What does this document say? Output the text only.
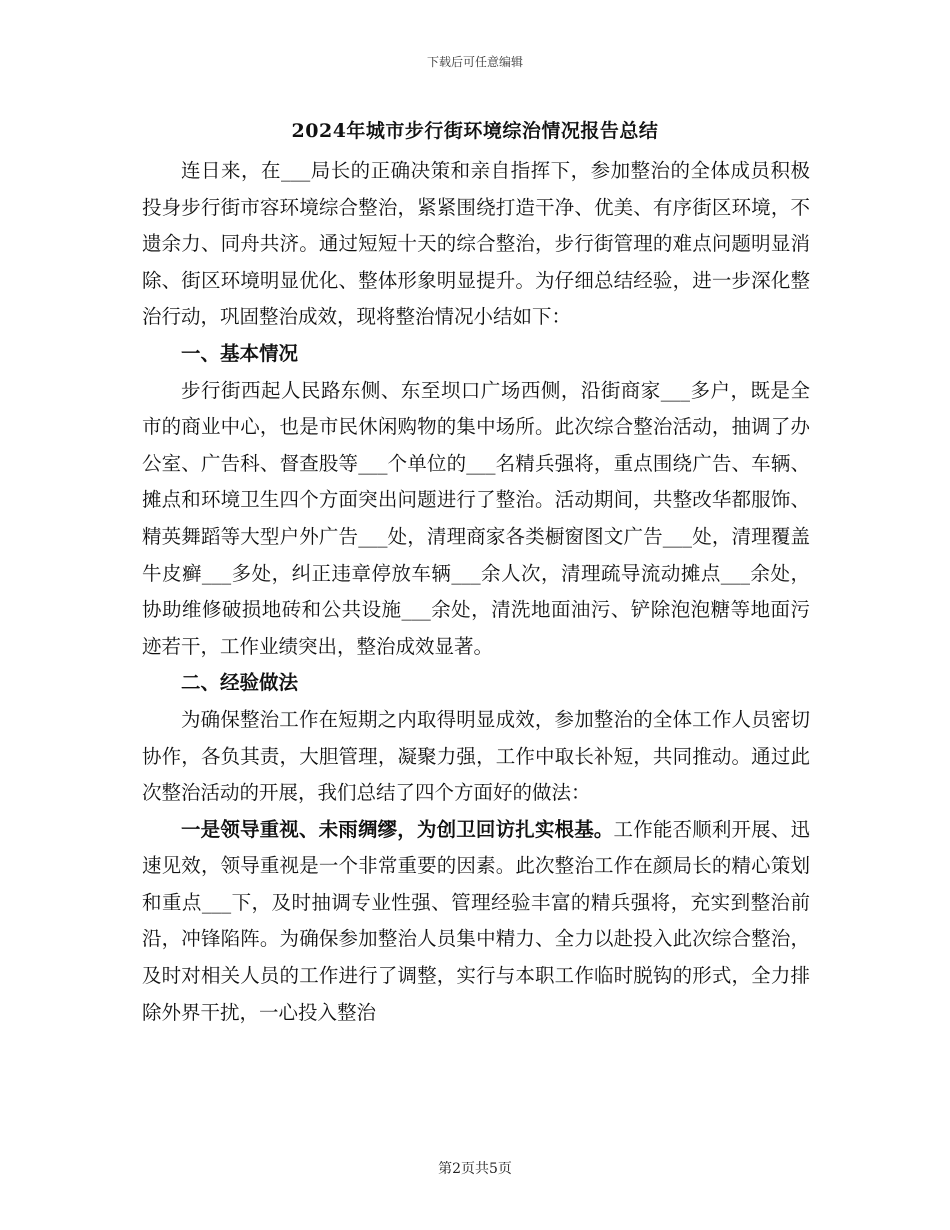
下载后可任意编辑
2024年城市步行街环境综治情况报告总结

连日来，在___局长的正确决策和亲自指挥下，参加整治的全体成员积极投身步行街市容环境综合整治，紧紧围绕打造干净、优美、有序街区环境，不遗余力、同舟共济。通过短短十天的综合整治，步行街管理的难点问题明显消除、街区环境明显优化、整体形象明显提升。为仔细总结经验，进一步深化整治行动，巩固整治成效，现将整治情况小结如下：

一、基本情况

步行街西起人民路东侧、东至坝口广场西侧，沿街商家___多户，既是全市的商业中心，也是市民休闲购物的集中场所。此次综合整治活动，抽调了办公室、广告科、督查股等___个单位的___名精兵强将，重点围绕广告、车辆、摊点和环境卫生四个方面突出问题进行了整治。活动期间，共整改华都服饰、精英舞蹈等大型户外广告___处，清理商家各类橱窗图文广告___处，清理覆盖牛皮癣___多处，纠正违章停放车辆___余人次，清理疏导流动摊点___余处，协助维修破损地砖和公共设施___余处，清洗地面油污、铲除泡泡糖等地面污迹若干，工作业绩突出，整治成效显著。

二、经验做法

为确保整治工作在短期之内取得明显成效，参加整治的全体工作人员密切协作，各负其责，大胆管理，凝聚力强，工作中取长补短，共同推动。通过此次整治活动的开展，我们总结了四个方面好的做法：

一是领导重视、未雨绸缪，为创卫回访扎实根基。工作能否顺利开展、迅速见效，领导重视是一个非常重要的因素。此次整治工作在颜局长的精心策划和重点___下，及时抽调专业性强、管理经验丰富的精兵强将，充实到整治前沿，冲锋陷阵。为确保参加整治人员集中精力、全力以赴投入此次综合整治，及时对相关人员的工作进行了调整，实行与本职工作临时脱钩的形式，全力排除外界干扰，一心投入整治

第2页共5页
